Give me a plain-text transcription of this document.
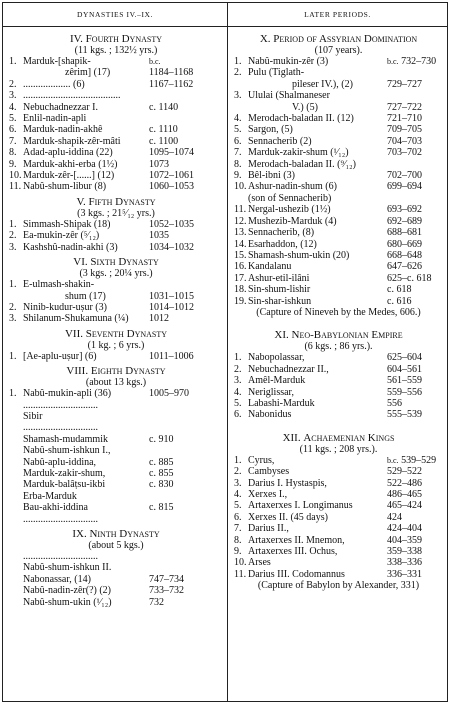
DYNASTIES IV.–IX.	LATER PERIODS.
IV. Fourth Dynasty
(11 kgs. ; 132½ yrs.)
1. Marduk-[shapik-	b.c.
zêrim] (17)	1184–1168
2. ................... (6)	1167–1162
3. .......................................
4. Nebuchadnezzar I.	c. 1140
5. Enlil-nadin-apli
6. Marduk-nadin-akhê	c. 1110
7. Marduk-shapik-zêr-mâti	c. 1100
8. Adad-aplu-iddina (22)	1095–1074
9. Marduk-akhi-erba (1½)	1073
10. Marduk-zêr-[......] (12)	1072–1061
11. Nabû-shum-libur (8)	1060–1053
V. Fifth Dynasty
(3 kgs. ; 21⁵⁄₁₂ yrs.)
1. Simmash-Shipak (18)	1052–1035
2. Ea-mukin-zêr (⁵⁄₁₂)	1035
3. Kashshû-nadin-akhi (3)	1034–1032
VI. Sixth Dynasty
(3 kgs. ; 20¼ yrs.)
1. E-ulmash-shakin-
shum (17)	1031–1015
2. Ninib-kudur-uṣur (3)	1014–1012
3. Shilanum-Shukamuna (¼)	1012
VII. Seventh Dynasty
(1 kg. ; 6 yrs.)
1. [Ae-aplu-uṣur] (6)	1011–1006
VIII. Eighth Dynasty
(about 13 kgs.)
1. Nabû-mukin-apli (36)	1005–970
..............................
Sibir
..............................
Shamash-mudammik	c. 910
Nabû-shum-ishkun I.,
Nabû-aplu-iddina,	c. 885
Marduk-zakir-shum,	c. 855
Marduk-balâṭsu-ikbi	c. 830
Erba-Marduk
Bau-akhi-iddina	c. 815
..............................
IX. Ninth Dynasty
(about 5 kgs.)
..............................
Nabû-shum-ishkun II.
Nabonassar, (14)	747–734
Nabû-nadin-zêr(?) (2)	733–732
Nabû-shum-ukin (¹⁄₁₂)	732
X. Period of Assyrian Domination
(107 years).
1. Nabû-mukin-zêr (3)	b.c. 732–730
2. Pulu (Tiglath-
pileser IV.), (2)	729–727
3. Ululai (Shalmaneser
V.) (5)	727–722
4. Merodach-baladan II. (12)	721–710
5. Sargon, (5)	709–705
6. Sennacherib (2)	704–703
7. Marduk-zakir-shum (¹⁄₁₂)	703–702
8. Merodach-baladan II. (⁹⁄₁₂)
9. Bêl-ibni (3)	702–700
10. Ashur-nadin-shum (6)	699–694
(son of Sennacherib)
11. Nergal-ushezib (1½)	693–692
12. Mushezib-Marduk (4)	692–689
13. Sennacherib, (8)	688–681
14. Esarhaddon, (12)	680–669
15. Shamash-shum-ukin (20)	668–648
16. Kandalanu	647–626
17. Ashur-etil-ilâni	625–c. 618
18. Sin-shum-lishir	c. 618
19. Sin-shar-ishkun	c. 616
(Capture of Nineveh by the Medes, 606.)
XI. Neo-Babylonian Empire
(6 kgs. ; 86 yrs.).
1. Nabopolassar,	625–604
2. Nebuchadnezzar II.,	604–561
3. Amêl-Marduk	561–559
4. Neriglissar,	559–556
5. Labashi-Marduk	556
6. Nabonidus	555–539
XII. Achaemenian Kings
(11 kgs. ; 208 yrs.).
1. Cyrus,	b.c. 539–529
2. Cambyses	529–522
3. Darius I. Hystaspis,	522–486
4. Xerxes I.,	486–465
5. Artaxerxes I. Longimanus	465–424
6. Xerxes II. (45 days)	424
7. Darius II.,	424–404
8. Artaxerxes II. Mnemon,	404–359
9. Artaxerxes III. Ochus,	359–338
10. Arses	338–336
11. Darius III. Codomannus	336–331
(Capture of Babylon by Alexander, 331)
